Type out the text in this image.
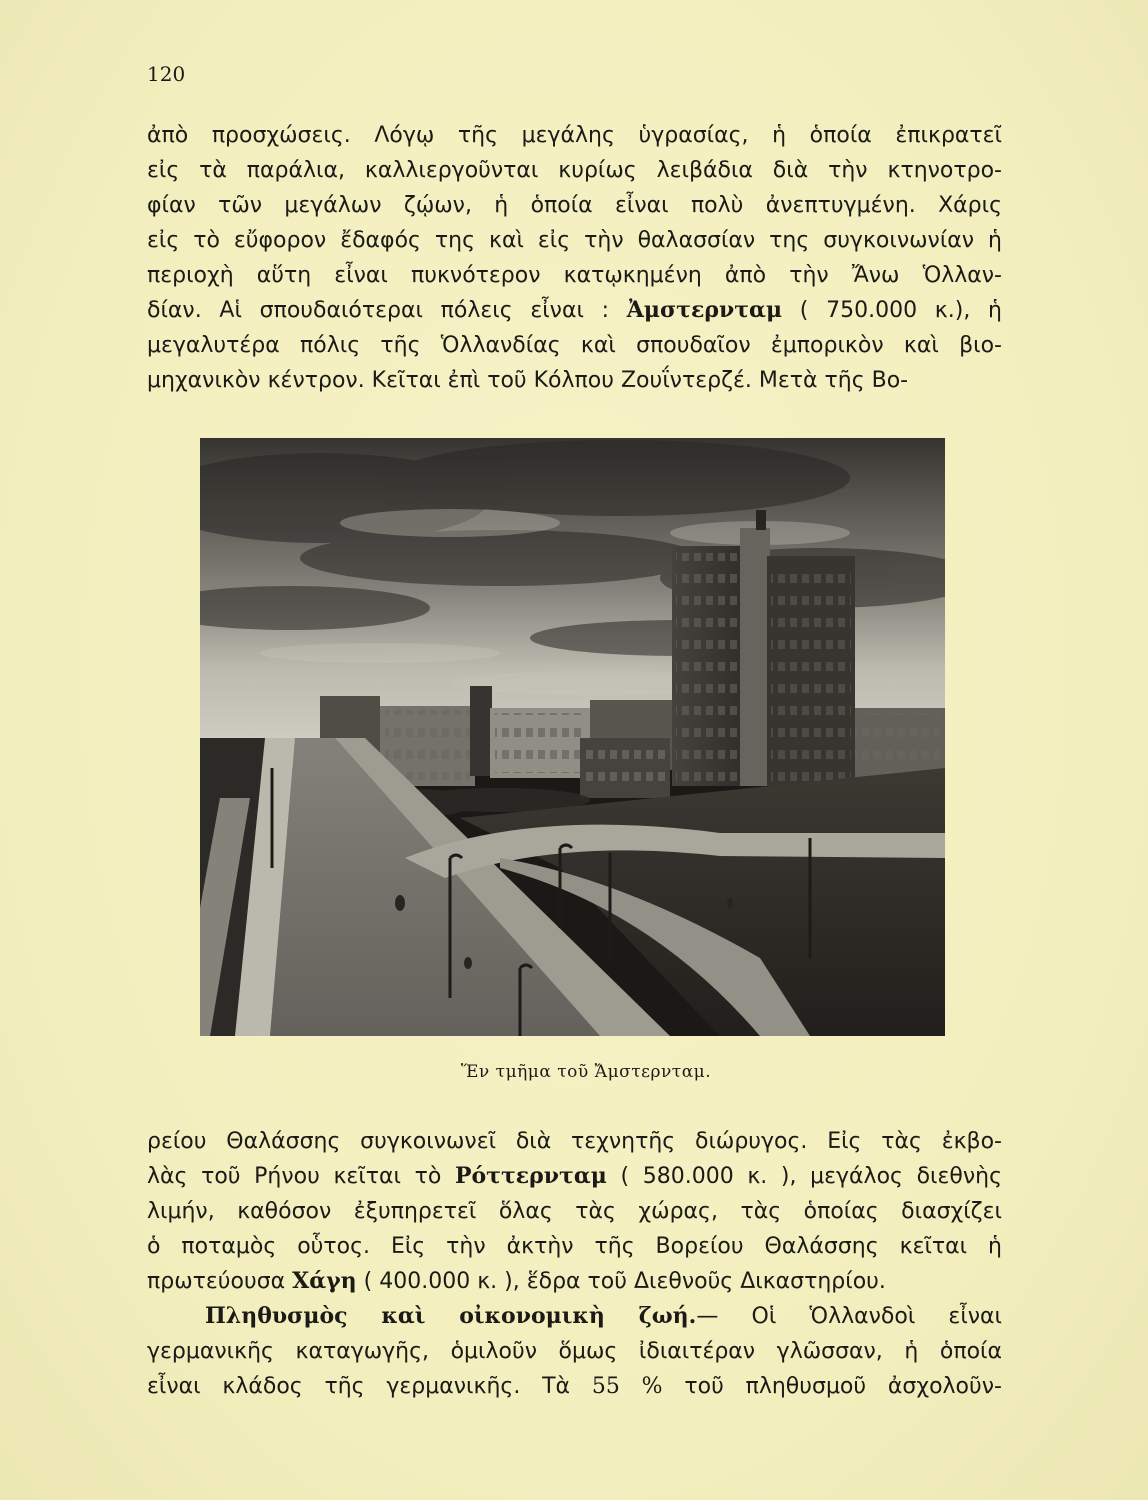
120
ἀπὸ προσχώσεις. Λόγῳ τῆς μεγάλης ὑγρασίας, ἡ ὁποία ἐπικρατεῖ
εἰς τὰ παράλια, καλλιεργοῦνται κυρίως λειβάδια διὰ τὴν κτηνοτρο-
φίαν τῶν μεγάλων ζῴων, ἡ ὁποία εἶναι πολὺ ἀνεπτυγμένη. Χάρις
εἰς τὸ εὔφορον ἔδαφός της καὶ εἰς τὴν θαλασσίαν της συγκοινωνίαν ἡ
περιοχὴ αὕτη εἶναι πυκνότερον κατῳκημένη ἀπὸ τὴν Ἄνω Ὁλλαν-
δίαν. Αἱ σπουδαιότεραι πόλεις εἶναι : Ἀμστερνταμ ( 750.000 κ.), ἡ
μεγαλυτέρα πόλις τῆς Ὁλλανδίας καὶ σπουδαῖον ἐμπορικὸν καὶ βιο-
μηχανικὸν κέντρον. Κεῖται ἐπὶ τοῦ Κόλπου Ζουΐντερζέ. Μετὰ τῆς Βο-
Ἕν τμῆμα τοῦ Ἄμστερνταμ.
ρείου Θαλάσσης συγκοινωνεῖ διὰ τεχνητῆς διώρυγος. Εἰς τὰς ἐκβο-
λὰς τοῦ Ρήνου κεῖται τὸ Ρόττερνταμ ( 580.000 κ. ), μεγάλος διεθνὴς
λιμήν, καθόσον ἐξυπηρετεῖ ὅλας τὰς χώρας, τὰς ὁποίας διασχίζει
ὁ ποταμὸς οὗτος. Εἰς τὴν ἀκτὴν τῆς Βορείου Θαλάσσης κεῖται ἡ
πρωτεύουσα Χάγη ( 400.000 κ. ), ἕδρα τοῦ Διεθνοῦς Δικαστηρίου.
Πληθυσμὸς καὶ οἰκονομικὴ ζωή.— Οἱ Ὁλλανδοὶ εἶναι
γερμανικῆς καταγωγῆς, ὁμιλοῦν ὅμως ἰδιαιτέραν γλῶσσαν, ἡ ὁποία
εἶναι κλάδος τῆς γερμανικῆς. Τὰ 55 % τοῦ πληθυσμοῦ ἀσχολοῦν-
